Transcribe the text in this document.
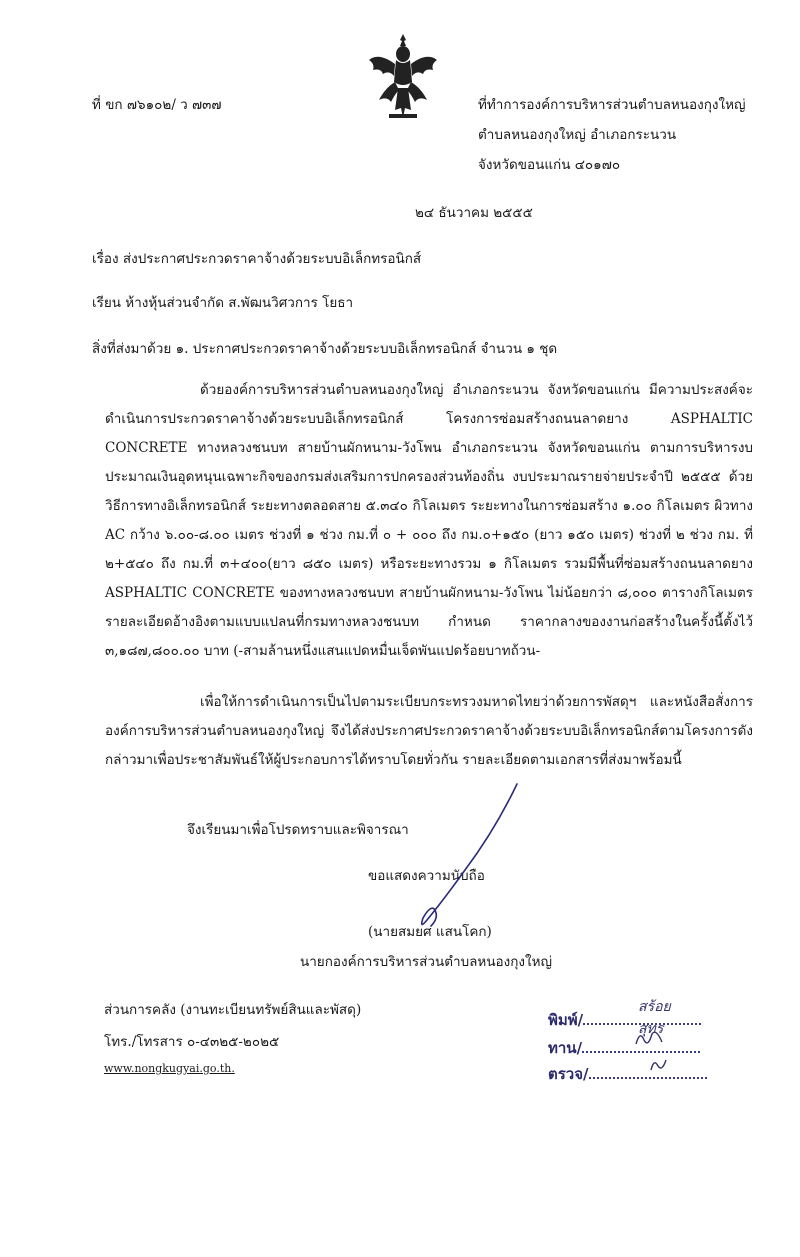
ที่ ขก ๗๖๑๐๒/ ว ๗๓๗	ที่ทำการองค์การบริหารส่วนตำบลหนองกุงใหญ่
ตำบลหนองกุงใหญ่ อำเภอกระนวน
จังหวัดขอนแก่น ๔๐๑๗๐
๒๔ ธันวาคม ๒๕๕๕
เรื่อง ส่งประกาศประกวดราคาจ้างด้วยระบบอิเล็กทรอนิกส์
เรียน ห้างหุ้นส่วนจำกัด ส.พัฒนวิศวการ โยธา
สิ่งที่ส่งมาด้วย ๑. ประกาศประกวดราคาจ้างด้วยระบบอิเล็กทรอนิกส์ จำนวน ๑ ชุด
ด้วยองค์การบริหารส่วนตำบลหนองกุงใหญ่ อำเภอกระนวน จังหวัดขอนแก่น มีความประสงค์จะดำเนินการประกวดราคาจ้างด้วยระบบอิเล็กทรอนิกส์ โครงการซ่อมสร้างถนนลาดยาง ASPHALTIC CONCRETE ทางหลวงชนบท สายบ้านผักหนาม-วังโพน อำเภอกระนวน จังหวัดขอนแก่น ตามการบริหารงบประมาณเงินอุดหนุนเฉพาะกิจของกรมส่งเสริมการปกครองส่วนท้องถิ่น งบประมาณรายจ่ายประจำปี ๒๕๕๕ ด้วยวิธีการทางอิเล็กทรอนิกส์ ระยะทางตลอดสาย ๕.๓๔๐ กิโลเมตร ระยะทางในการซ่อมสร้าง ๑.๐๐ กิโลเมตร ผิวทาง AC กว้าง ๖.๐๐-๘.๐๐ เมตร ช่วงที่ ๑ ช่วง กม.ที่ ๐ + ๐๐๐ ถึง กม.๐+๑๕๐ (ยาว ๑๕๐ เมตร) ช่วงที่ ๒ ช่วง กม. ที่ ๒+๕๔๐ ถึง กม.ที่ ๓+๔๐๐(ยาว ๘๕๐ เมตร) หรือระยะทางรวม ๑ กิโลเมตร รวมมีพื้นที่ซ่อมสร้างถนนลาดยาง ASPHALTIC CONCRETE ของทางหลวงชนบท สายบ้านผักหนาม-วังโพน ไม่น้อยกว่า ๘,๐๐๐ ตารางกิโลเมตร รายละเอียดอ้างอิงตามแบบแปลนที่กรมทางหลวงชนบท กำหนด ราคากลางของงานก่อสร้างในครั้งนี้ตั้งไว้ ๓,๑๘๗,๘๐๐.๐๐ บาท (-สามล้านหนึ่งแสนแปดหมื่นเจ็ดพันแปดร้อยบาทถ้วน-
เพื่อให้การดำเนินการเป็นไปตามระเบียบกระทรวงมหาดไทยว่าด้วยการพัสดุฯ และหนังสือสั่งการองค์การบริหารส่วนตำบลหนองกุงใหญ่ จึงได้ส่งประกาศประกวดราคาจ้างด้วยระบบอิเล็กทรอนิกส์ตามโครงการดังกล่าวมาเพื่อประชาสัมพันธ์ให้ผู้ประกอบการได้ทราบโดยทั่วกัน รายละเอียดตามเอกสารที่ส่งมาพร้อมนี้
จึงเรียนมาเพื่อโปรดทราบและพิจารณา
ขอแสดงความนับถือ
(นายสมยศ แสนโคก)
นายกองค์การบริหารส่วนตำบลหนองกุงใหญ่
ส่วนการคลัง (งานทะเบียนทรัพย์สินและพัสดุ)
โทร./โทรสาร ๐-๔๓๒๕-๒๐๒๕
www.nongkugyai.go.th.
พิมพ์/
สร้อยสุทร
ทาน/
ตรวจ/
